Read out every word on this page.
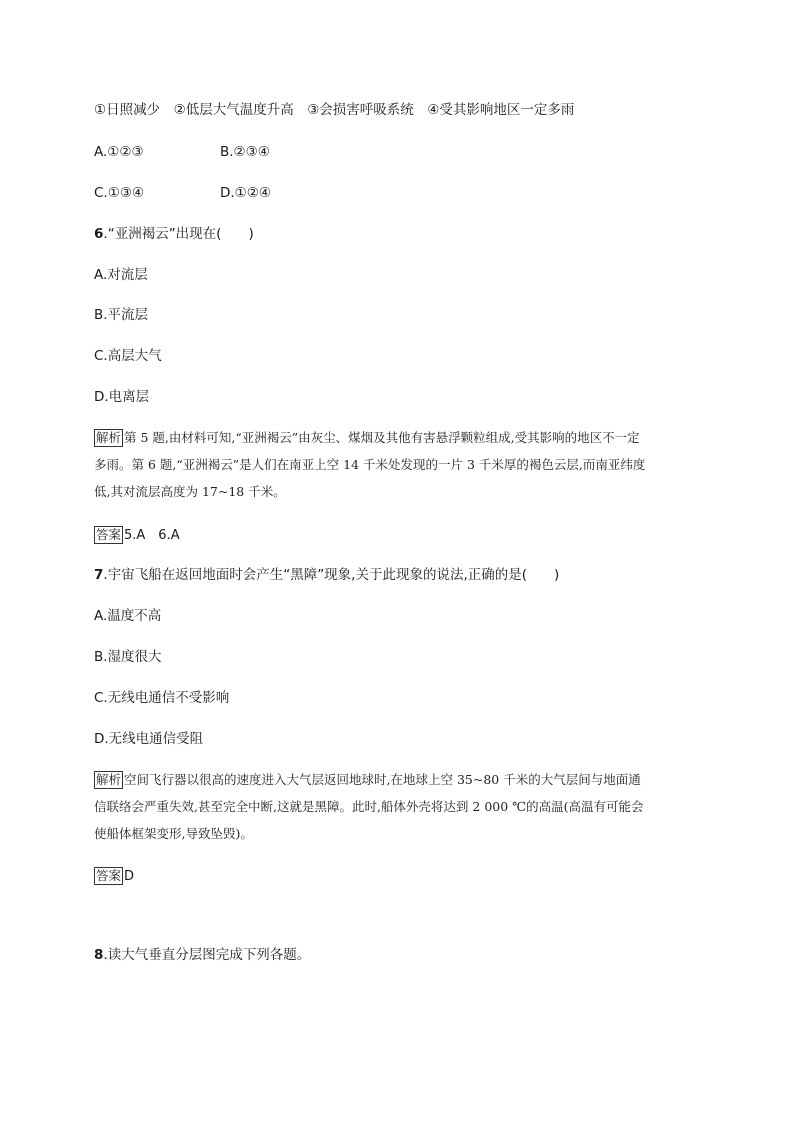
①日照减少　②低层大气温度升高　③会损害呼吸系统　④受其影响地区一定多雨
A.①②③	B.②③④
C.①③④	D.①②④
6.“亚洲褐云”出现在(　　)
A.对流层
B.平流层
C.高层大气
D.电离层

解析 第 5 题,由材料可知,“亚洲褐云”由灰尘、煤烟及其他有害悬浮颗粒组成,受其影响的地区不一定

多雨。第 6 题,“亚洲褐云”是人们在南亚上空 14 千米处发现的一片 3 千米厚的褐色云层,而南亚纬度

低,其对流层高度为 17~18 千米。

答案 5.A　6.A
7.宇宙飞船在返回地面时会产生“黑障”现象,关于此现象的说法,正确的是(　　)
A.温度不高
B.湿度很大
C.无线电通信不受影响
D.无线电通信受阻

解析 空间飞行器以很高的速度进入大气层返回地球时,在地球上空 35~80 千米的大气层间与地面通

信联络会严重失效,甚至完全中断,这就是黑障。此时,船体外壳将达到 2 000 ℃的高温(高温有可能会

使船体框架变形,导致坠毁)。

答案 D
8.读大气垂直分层图完成下列各题。
